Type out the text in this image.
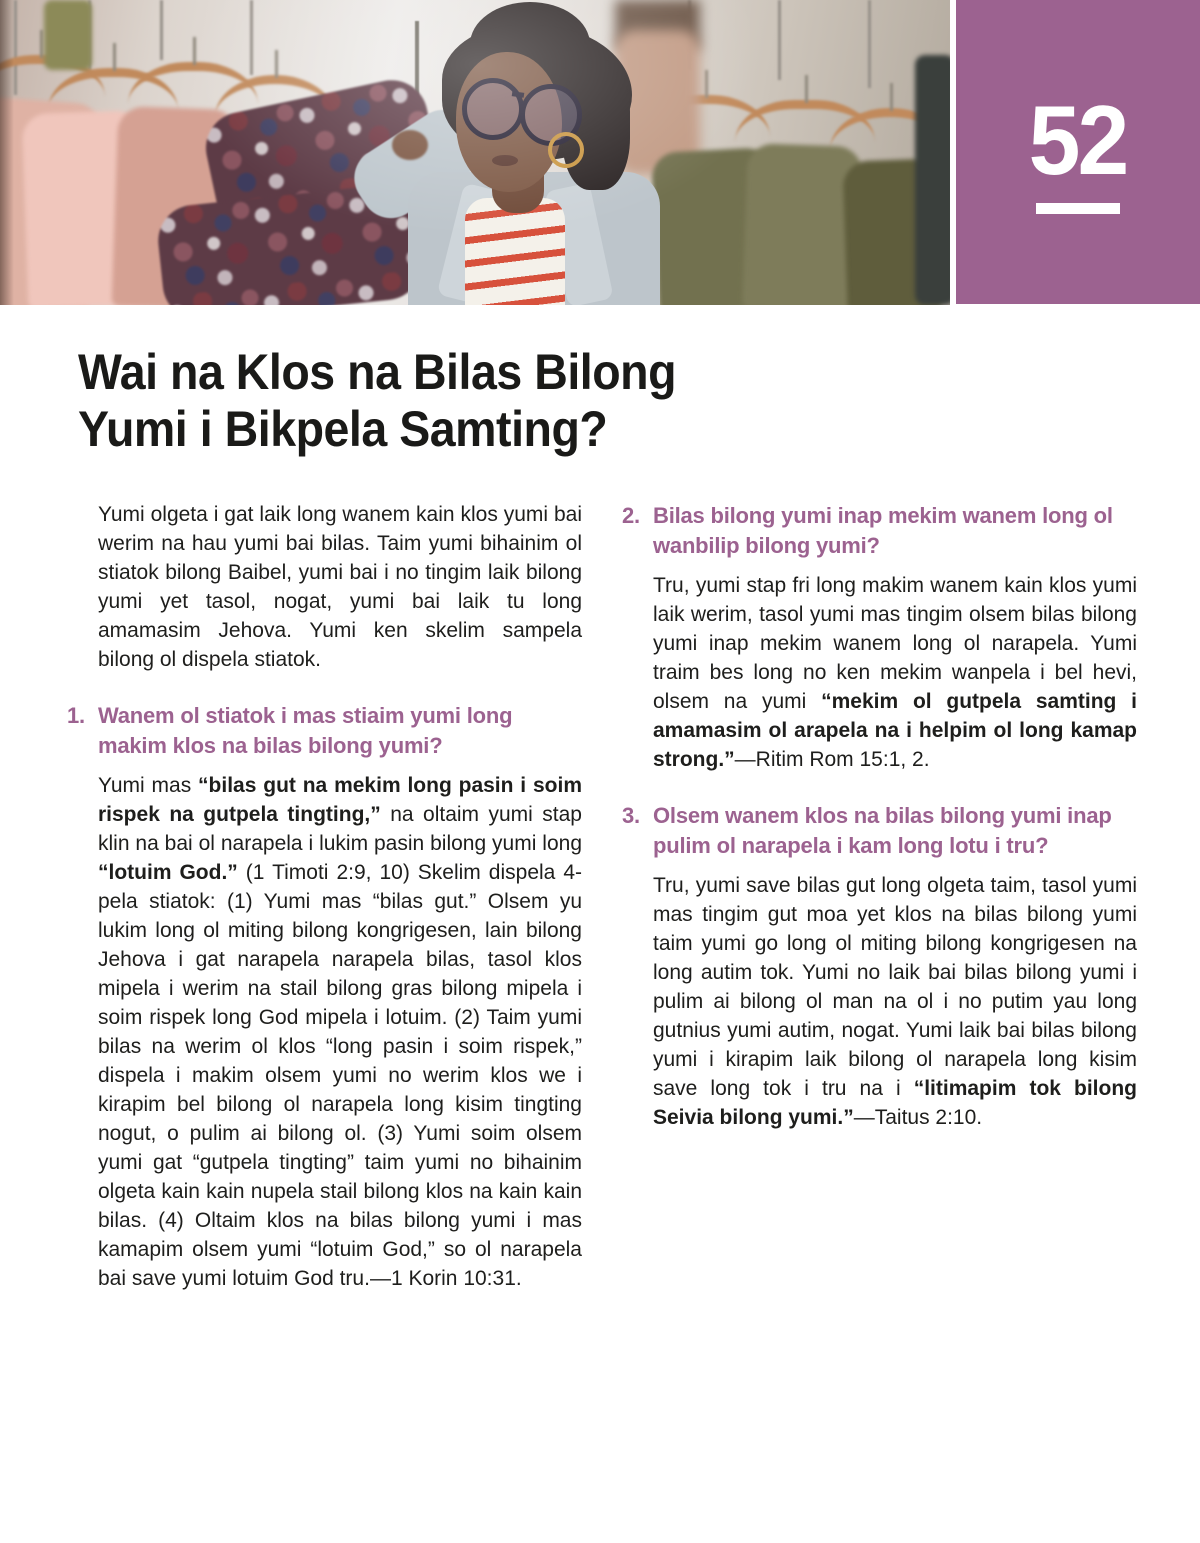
52
Wai na Klos na Bilas Bilong
Yumi i Bikpela Samting?

Yumi olgeta i gat laik long wanem kain klos yumi bai werim na hau yumi bai bilas. Taim yumi bihainim ol stiatok bilong Baibel, yumi bai i no tingim laik bilong yumi yet tasol, nogat, yumi bai laik tu long amamasim Jehova. Yumi ken skelim sampela bilong ol dispela stiatok.

1. Wanem ol stiatok i mas stiaim yumi long makim klos na bilas bilong yumi?

Yumi mas “bilas gut na mekim long pasin i soim rispek na gutpela tingting,” na oltaim yumi stap klin na bai ol narapela i lukim pasin bilong yumi long “lotuim God.” (1 Timoti 2:9, 10) Skelim dispela 4-pela stiatok: (1) Yumi mas “bilas gut.” Olsem yu lukim long ol miting bilong kongrigesen, lain bilong Jehova i gat narapela narapela bilas, tasol klos mipela i werim na stail bilong gras bilong mipela i soim rispek long God mipela i lotuim. (2) Taim yumi bilas na werim ol klos “long pasin i soim rispek,” dispela i makim olsem yumi no werim klos we i kirapim bel bilong ol narapela long kisim tingting nogut, o pulim ai bilong ol. (3) Yumi soim olsem yumi gat “gutpela tingting” taim yumi no bihainim olgeta kain kain nupela stail bilong klos na kain kain bilas. (4) Oltaim klos na bilas bilong yumi i mas kamapim olsem yumi “lotuim God,” so ol narapela bai save yumi lotuim God tru.—1 Korin 10:31.

2. Bilas bilong yumi inap mekim wanem long ol wanbilip bilong yumi?

Tru, yumi stap fri long makim wanem kain klos yumi laik werim, tasol yumi mas tingim olsem bilas bilong yumi inap mekim wanem long ol narapela. Yumi traim bes long no ken mekim wanpela i bel hevi, olsem na yumi “mekim ol gutpela samting i amamasim ol arapela na i helpim ol long kamap strong.”—Ritim Rom 15:1, 2.

3. Olsem wanem klos na bilas bilong yumi inap pulim ol narapela i kam long lotu i tru?

Tru, yumi save bilas gut long olgeta taim, tasol yumi mas tingim gut moa yet klos na bilas bilong yumi taim yumi go long ol miting bilong kongrigesen na long autim tok. Yumi no laik bai bilas bilong yumi i pulim ai bilong ol man na ol i no putim yau long gutnius yumi autim, nogat. Yumi laik bai bilas bilong yumi i kirapim laik bilong ol narapela long kisim save long tok i tru na i “litimapim tok bilong Seivia bilong yumi.”—Taitus 2:10.
